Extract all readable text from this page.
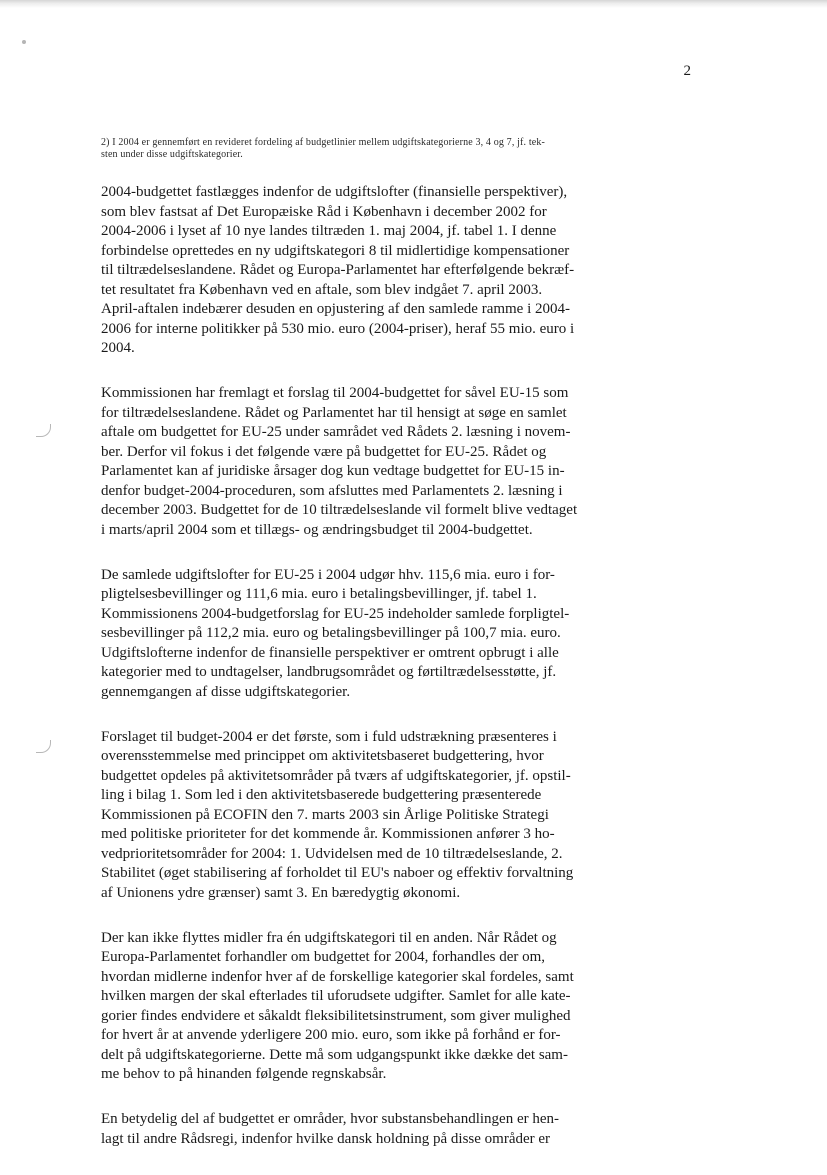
2

2) I 2004 er gennemført en revideret fordeling af budgetlinier mellem udgiftskategorierne 3, 4 og 7, jf. tek-

sten under disse udgiftskategorier.

2004-budgettet fastlægges indenfor de udgiftslofter (finansielle perspektiver),

som blev fastsat af Det Europæiske Råd i København i december 2002 for

2004-2006 i lyset af 10 nye landes tiltræden 1. maj 2004, jf. tabel 1. I denne

forbindelse oprettedes en ny udgiftskategori 8 til midlertidige kompensationer

til tiltrædelseslandene. Rådet og Europa-Parlamentet har efterfølgende bekræf-

tet resultatet fra København ved en aftale, som blev indgået 7. april 2003.

April-aftalen indebærer desuden en opjustering af den samlede ramme i 2004-

2006 for interne politikker på 530 mio. euro (2004-priser), heraf 55 mio. euro i

2004.

Kommissionen har fremlagt et forslag til 2004-budgettet for såvel EU-15 som

for tiltrædelseslandene. Rådet og Parlamentet har til hensigt at søge en samlet

aftale om budgettet for EU-25 under samrådet ved Rådets 2. læsning i novem-

ber. Derfor vil fokus i det følgende være på budgettet for EU-25. Rådet og

Parlamentet kan af juridiske årsager dog kun vedtage budgettet for EU-15 in-

denfor budget-2004-proceduren, som afsluttes med Parlamentets 2. læsning i

december 2003. Budgettet for de 10 tiltrædelseslande vil formelt blive vedtaget

i marts/april 2004 som et tillægs- og ændringsbudget til 2004-budgettet.

De samlede udgiftslofter for EU-25 i 2004 udgør hhv. 115,6 mia. euro i for-

pligtelsesbevillinger og 111,6 mia. euro i betalingsbevillinger, jf. tabel 1.

Kommissionens 2004-budgetforslag for EU-25 indeholder samlede forpligtel-

sesbevillinger på 112,2 mia. euro og betalingsbevillinger på 100,7 mia. euro.

Udgiftslofterne indenfor de finansielle perspektiver er omtrent opbrugt i alle

kategorier med to undtagelser, landbrugsområdet og førtiltrædelsesstøtte, jf.

gennemgangen af disse udgiftskategorier.

Forslaget til budget-2004 er det første, som i fuld udstrækning præsenteres i

overensstemmelse med princippet om aktivitetsbaseret budgettering, hvor

budgettet opdeles på aktivitetsområder på tværs af udgiftskategorier, jf. opstil-

ling i bilag 1. Som led i den aktivitetsbaserede budgettering præsenterede

Kommissionen på ECOFIN den 7. marts 2003 sin Årlige Politiske Strategi

med politiske prioriteter for det kommende år. Kommissionen anfører 3 ho-

vedprioritetsområder for 2004: 1. Udvidelsen med de 10 tiltrædelseslande, 2.

Stabilitet (øget stabilisering af forholdet til EU's naboer og effektiv forvaltning

af Unionens ydre grænser) samt 3. En bæredygtig økonomi.

Der kan ikke flyttes midler fra én udgiftskategori til en anden. Når Rådet og

Europa-Parlamentet forhandler om budgettet for 2004, forhandles der om,

hvordan midlerne indenfor hver af de forskellige kategorier skal fordeles, samt

hvilken margen der skal efterlades til uforudsete udgifter. Samlet for alle kate-

gorier findes endvidere et såkaldt fleksibilitetsinstrument, som giver mulighed

for hvert år at anvende yderligere 200 mio. euro, som ikke på forhånd er for-

delt på udgiftskategorierne. Dette må som udgangspunkt ikke dække det sam-

me behov to på hinanden følgende regnskabsår.

En betydelig del af budgettet er områder, hvor substansbehandlingen er hen-

lagt til andre Rådsregi, indenfor hvilke dansk holdning på disse områder er
